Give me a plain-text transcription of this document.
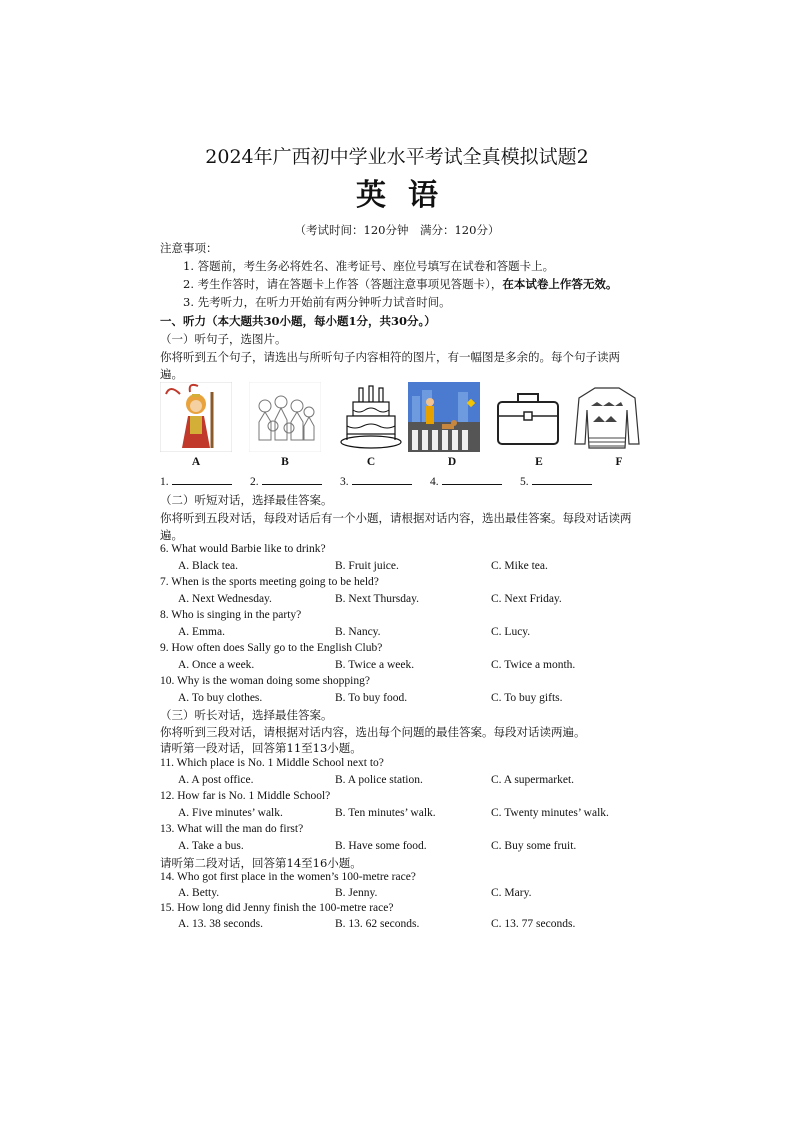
2024年广西初中学业水平考试全真模拟试题2
英语
（考试时间：120分钟　满分：120分）
注意事项：
1. 答题前，考生务必将姓名、准考证号、座位号填写在试卷和答题卡上。
2. 考生作答时，请在答题卡上作答（答题注意事项见答题卡），在本试卷上作答无效。
3. 先考听力，在听力开始前有两分钟听力试音时间。
一、听力（本大题共30小题，每小题1分，共30分。）
（一）听句子，选图片。
你将听到五个句子，请选出与所听句子内容相符的图片，有一幅图是多余的。每个句子读两
遍。
A	B	C	D	E	F
1.	2.	3.	4.	5.
（二）听短对话，选择最佳答案。
你将听到五段对话，每段对话后有一个小题，请根据对话内容，选出最佳答案。每段对话读两
遍。
6. What would Barbie like to drink?
A. Black tea.	B. Fruit juice.	C. Mike tea.
7. When is the sports meeting going to be held?
A. Next Wednesday.	B. Next Thursday.	C. Next Friday.
8. Who is singing in the party?
A. Emma.	B. Nancy.	C. Lucy.
9. How often does Sally go to the English Club?
A. Once a week.	B. Twice a week.	C. Twice a month.
10. Why is the woman doing some shopping?
A. To buy clothes.	B. To buy food.	C. To buy gifts.
（三）听长对话，选择最佳答案。
你将听到三段对话，请根据对话内容，选出每个问题的最佳答案。每段对话读两遍。
请听第一段对话，回答第11至13小题。
11. Which place is No. 1 Middle School next to?
A. A post office.	B. A police station.	C. A supermarket.
12. How far is No. 1 Middle School?
A. Five minutes’ walk.	B. Ten minutes’ walk.	C. Twenty minutes’ walk.
13. What will the man do first?
A. Take a bus.	B. Have some food.	C. Buy some fruit.
请听第二段对话，回答第14至16小题。
14. Who got first place in the women’s 100-metre race?
A. Betty.	B. Jenny.	C. Mary.
15. How long did Jenny finish the 100-metre race?
A. 13. 38 seconds.	B. 13. 62 seconds.	C. 13. 77 seconds.
